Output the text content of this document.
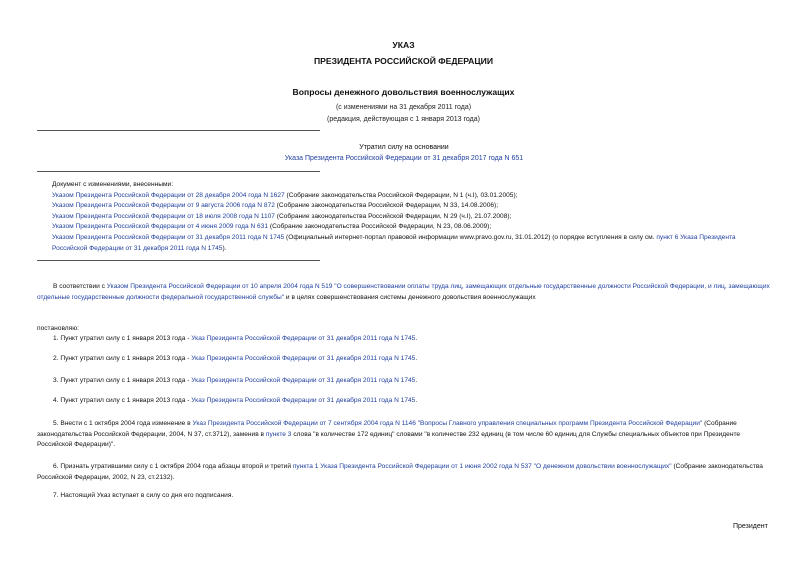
УКАЗ
ПРЕЗИДЕНТА РОССИЙСКОЙ ФЕДЕРАЦИИ
Вопросы денежного довольствия военнослужащих
(с изменениями на 31 декабря 2011 года)
(редакция, действующая с 1 января 2013 года)
Утратил силу на основании
Указа Президента Российской Федерации от 31 декабря 2017 года N 651
Документ с изменениями, внесенными:
Указом Президента Российской Федерации от 28 декабря 2004 года N 1627 (Собрание законодательства Российской Федерации, N 1 (ч.I), 03.01.2005);
Указом Президента Российской Федерации от 9 августа 2006 года N 872 (Собрание законодательства Российской Федерации, N 33, 14.08.2006);
Указом Президента Российской Федерации от 18 июля 2008 года N 1107 (Собрание законодательства Российской Федерации, N 29 (ч.I), 21.07.2008);
Указом Президента Российской Федерации от 4 июня 2009 года N 631 (Собрание законодательства Российской Федерации, N 23, 08.06.2009);
Указом Президента Российской Федерации от 31 декабря 2011 года N 1745 (Официальный интернет-портал правовой информации www.pravo.gov.ru, 31.01.2012) (о порядке вступления в силу см. пункт 6 Указа Президента Российской Федерации от 31 декабря 2011 года N 1745).
В соответствии с Указом Президента Российской Федерации от 10 апреля 2004 года N 519 "О совершенствовании оплаты труда лиц, замещающих отдельные государственные должности Российской Федерации, и лиц, замещающих отдельные государственные должности федеральной государственной службы" и в целях совершенствования системы денежного довольствия военнослужащих
постановляю:
1. Пункт утратил силу с 1 января 2013 года - Указ Президента Российской Федерации от 31 декабря 2011 года N 1745.
2. Пункт утратил силу с 1 января 2013 года - Указ Президента Российской Федерации от 31 декабря 2011 года N 1745.
3. Пункт утратил силу с 1 января 2013 года - Указ Президента Российской Федерации от 31 декабря 2011 года N 1745.
4. Пункт утратил силу с 1 января 2013 года - Указ Президента Российской Федерации от 31 декабря 2011 года N 1745.
5. Внести с 1 октября 2004 года изменение в Указ Президента Российской Федерации от 7 сентября 2004 года N 1146 "Вопросы Главного управления специальных программ Президента Российской Федерации" (Собрание законодательства Российской Федерации, 2004, N 37, ст.3712), заменив в пункте 3 слова "в количестве 172 единиц" словами "в количестве 232 единиц (в том числе 60 единиц для Службы специальных объектов при Президенте Российской Федерации)".
6. Признать утратившими силу с 1 октября 2004 года абзацы второй и третий пункта 1 Указа Президента Российской Федерации от 1 июня 2002 года N 537 "О денежном довольствии военнослужащих" (Собрание законодательства Российской Федерации, 2002, N 23, ст.2132).
7. Настоящий Указ вступает в силу со дня его подписания.
Президент
